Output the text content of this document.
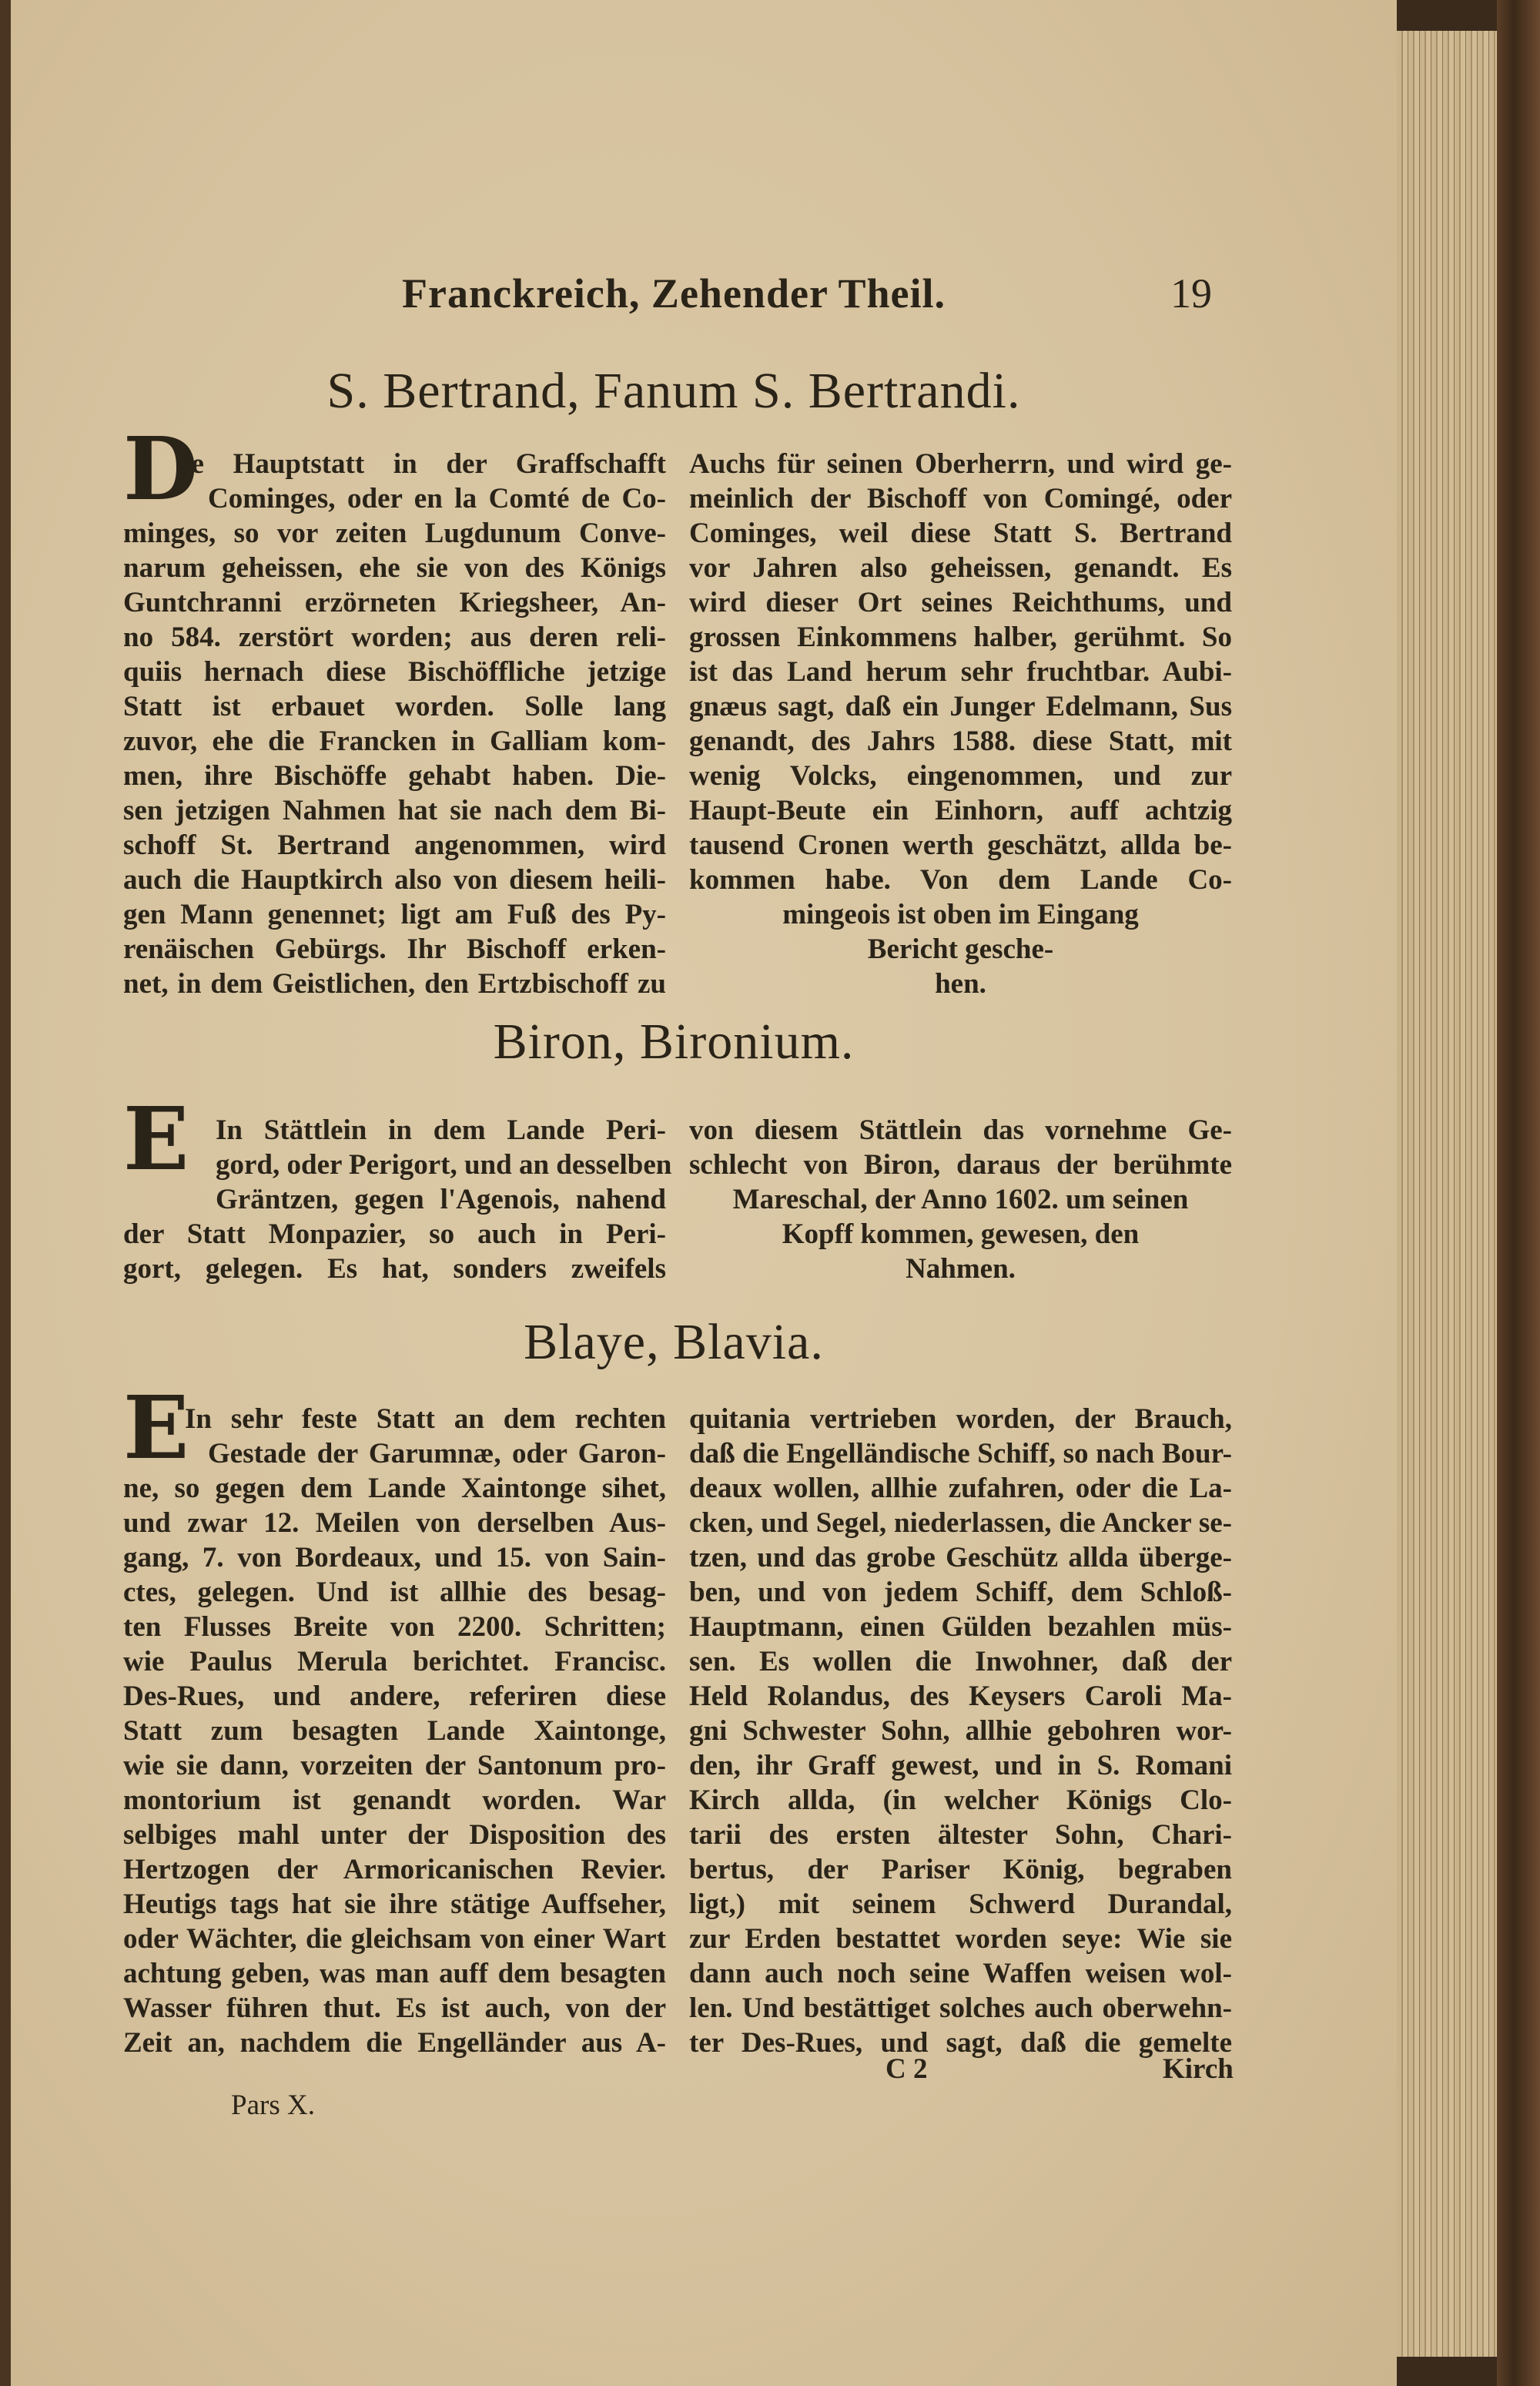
Franckreich, Zehender Theil.	19
S. Bertrand, Fanum S. Bertrandi.
D
Je Hauptstatt in der Graffschafft
Cominges, oder en la Comté de Co-
minges, so vor zeiten Lugdunum Conve-
narum geheissen, ehe sie von des Königs
Guntchranni erzörneten Kriegsheer, An-
no 584. zerstört worden; aus deren reli-
quiis hernach diese Bischöffliche jetzige
Statt ist erbauet worden. Solle lang
zuvor, ehe die Francken in Galliam kom-
men, ihre Bischöffe gehabt haben. Die-
sen jetzigen Nahmen hat sie nach dem Bi-
schoff St. Bertrand angenommen, wird
auch die Hauptkirch also von diesem heili-
gen Mann genennet; ligt am Fuß des Py-
renäischen Gebürgs. Ihr Bischoff erken-
net, in dem Geistlichen, den Ertzbischoff zu
Auchs für seinen Oberherrn, und wird ge-
meinlich der Bischoff von Comingé, oder
Cominges, weil diese Statt S. Bertrand
vor Jahren also geheissen, genandt. Es
wird dieser Ort seines Reichthums, und
grossen Einkommens halber, gerühmt. So
ist das Land herum sehr fruchtbar. Aubi-
gnæus sagt, daß ein Junger Edelmann, Sus
genandt, des Jahrs 1588. diese Statt, mit
wenig Volcks, eingenommen, und zur
Haupt-Beute ein Einhorn, auff achtzig
tausend Cronen werth geschätzt, allda be-
kommen habe. Von dem Lande Co-
mingeois ist oben im Eingang
Bericht gesche-
hen.
Biron, Bironium.
E In Stättlein in dem Lande Peri-
gord, oder Perigort, und an desselben
Gräntzen, gegen l'Agenois, nahend
der Statt Monpazier, so auch in Peri-
gort, gelegen. Es hat, sonders zweifels
von diesem Stättlein das vornehme Ge-
schlecht von Biron, daraus der berühmte
Mareschal, der Anno 1602. um seinen
Kopff kommen, gewesen, den
Nahmen.
Blaye, Blavia.
E
In sehr feste Statt an dem rechten
Gestade der Garumnæ, oder Garon-
ne, so gegen dem Lande Xaintonge sihet,
und zwar 12. Meilen von derselben Aus-
gang, 7. von Bordeaux, und 15. von Sain-
ctes, gelegen. Und ist allhie des besag-
ten Flusses Breite von 2200. Schritten;
wie Paulus Merula berichtet. Francisc.
Des-Rues, und andere, referiren diese
Statt zum besagten Lande Xaintonge,
wie sie dann, vorzeiten der Santonum pro-
montorium ist genandt worden. War
selbiges mahl unter der Disposition des
Hertzogen der Armoricanischen Revier.
Heutigs tags hat sie ihre stätige Auffseher,
oder Wächter, die gleichsam von einer Wart
achtung geben, was man auff dem besagten
Wasser führen thut. Es ist auch, von der
Zeit an, nachdem die Engelländer aus A-
quitania vertrieben worden, der Brauch,
daß die Engelländische Schiff, so nach Bour-
deaux wollen, allhie zufahren, oder die La-
cken, und Segel, niederlassen, die Ancker se-
tzen, und das grobe Geschütz allda überge-
ben, und von jedem Schiff, dem Schloß-
Hauptmann, einen Gülden bezahlen müs-
sen. Es wollen die Inwohner, daß der
Held Rolandus, des Keysers Caroli Ma-
gni Schwester Sohn, allhie gebohren wor-
den, ihr Graff gewest, und in S. Romani
Kirch allda, (in welcher Königs Clo-
tarii des ersten ältester Sohn, Chari-
bertus, der Pariser König, begraben
ligt,) mit seinem Schwerd Durandal,
zur Erden bestattet worden seye: Wie sie
dann auch noch seine Waffen weisen wol-
len. Und bestättiget solches auch oberwehn-
ter Des-Rues, und sagt, daß die gemelte
Pars X.
C 2	Kirch
